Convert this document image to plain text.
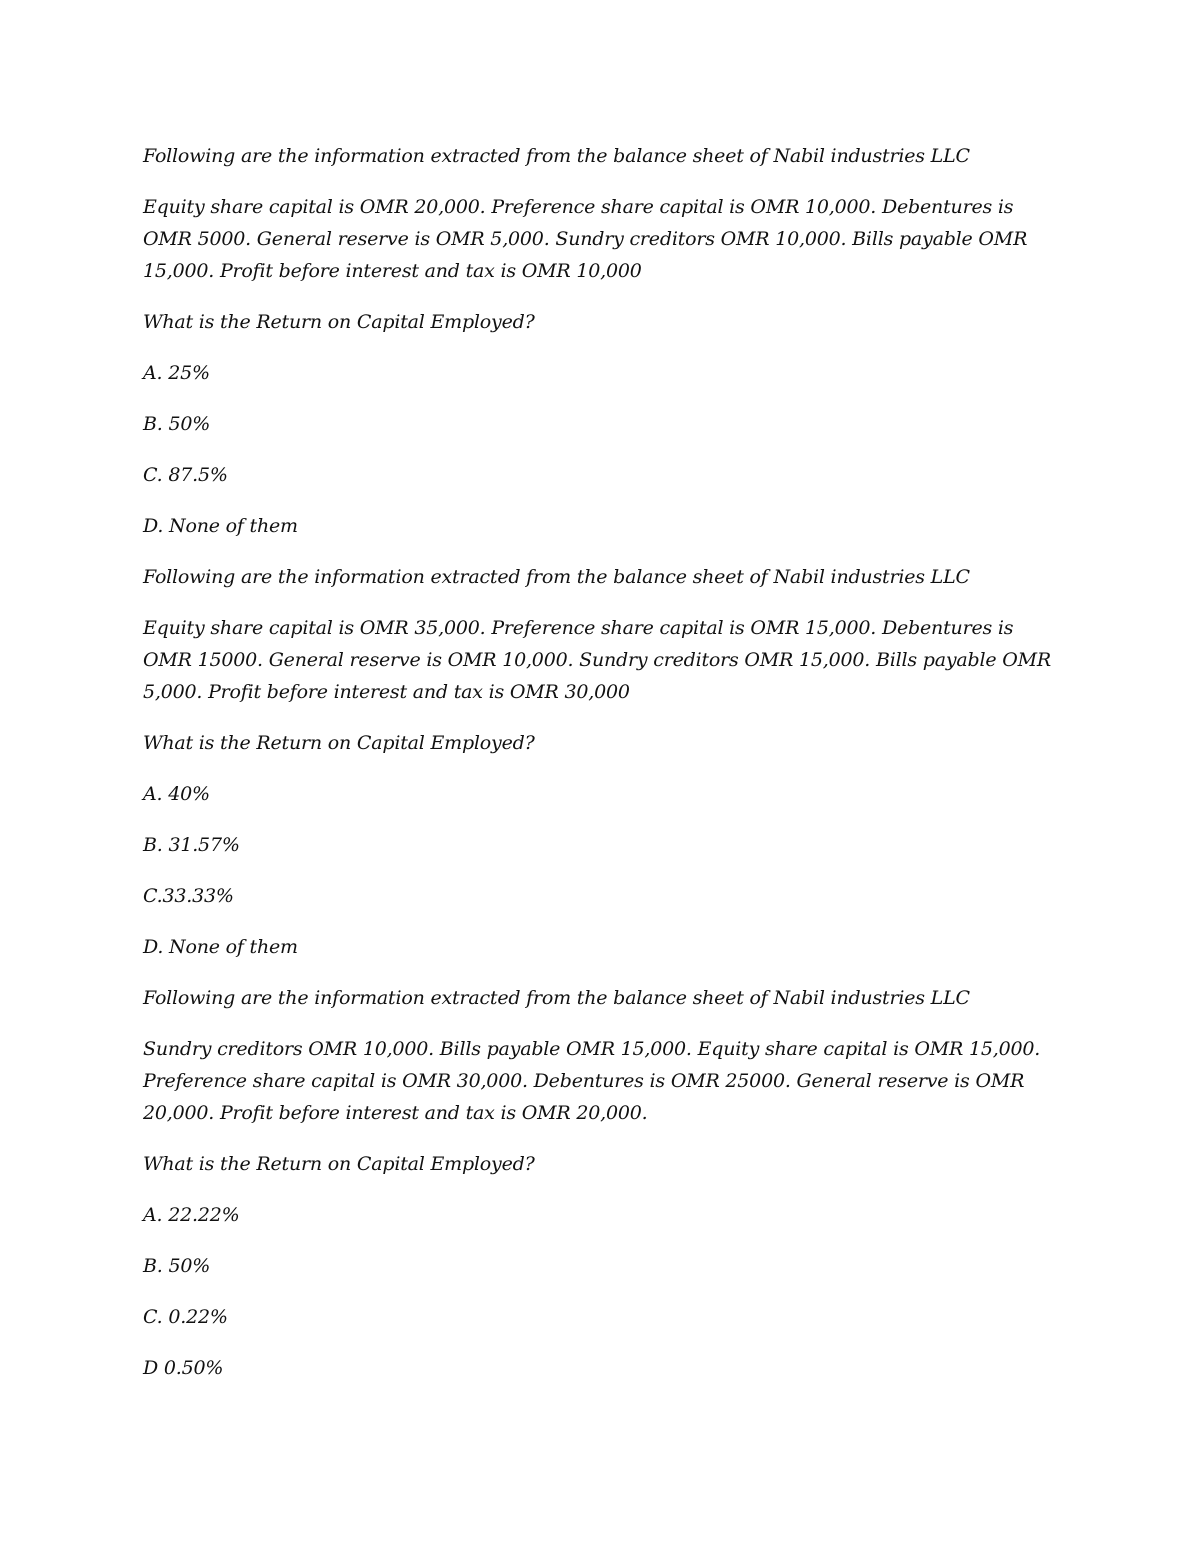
Following are the information extracted from the balance sheet of Nabil industries LLC

Equity share capital is OMR 20,000. Preference share capital is OMR 10,000. Debentures is OMR 5000. General reserve is OMR 5,000. Sundry creditors OMR 10,000. Bills payable OMR 15,000. Profit before interest and tax is OMR 10,000

What is the Return on Capital Employed?

A. 25%

B. 50%

C. 87.5%

D. None of them

Following are the information extracted from the balance sheet of Nabil industries LLC

Equity share capital is OMR 35,000. Preference share capital is OMR 15,000. Debentures is OMR 15000. General reserve is OMR 10,000. Sundry creditors OMR 15,000. Bills payable OMR 5,000. Profit before interest and tax is OMR 30,000

What is the Return on Capital Employed?

A. 40%

B. 31.57%

C.33.33%

D. None of them

Following are the information extracted from the balance sheet of Nabil industries LLC

Sundry creditors OMR 10,000. Bills payable OMR 15,000. Equity share capital is OMR 15,000. Preference share capital is OMR 30,000. Debentures is OMR 25000. General reserve is OMR 20,000. Profit before interest and tax is OMR 20,000.

What is the Return on Capital Employed?

A. 22.22%

B. 50%

C. 0.22%

D 0.50%
